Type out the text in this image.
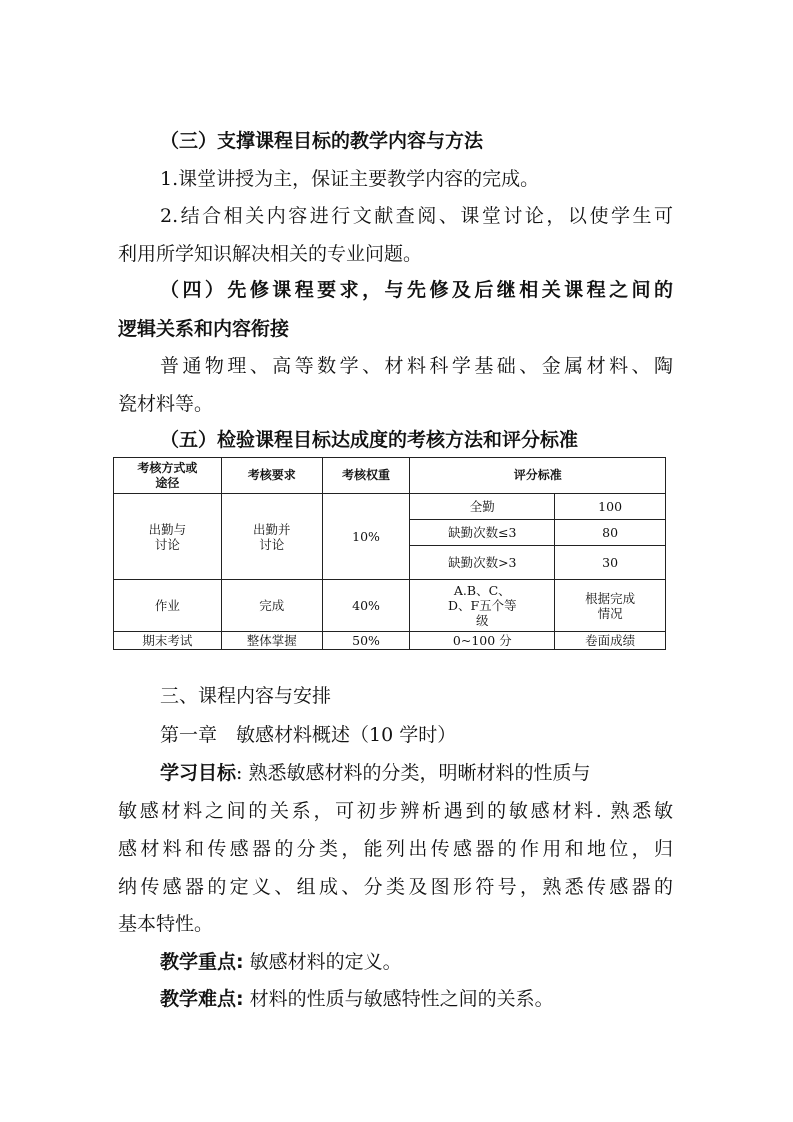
（三）支撑课程目标的教学内容与方法
1.课堂讲授为主，保证主要教学内容的完成。
2.结合相关内容进行文献查阅、课堂讨论，以使学生可
利用所学知识解决相关的专业问题。
（四）先修课程要求，与先修及后继相关课程之间的
逻辑关系和内容衔接
普通物理、高等数学、材料科学基础、金属材料、陶
瓷材料等。
（五）检验课程目标达成度的考核方法和评分标准
考核方式或途径	考核要求	考核权重	评分标准	
出勤与讨论	出勤并讨论	10%	全勤	100
			缺勤次数≤3	80
			缺勤次数>3	30
作业	完成	40%	A.B、C、D、F五个等级	根据完成情况
期末考试	整体掌握	50%	0~100 分	卷面成绩
三、课程内容与安排
第一章　敏感材料概述（10 学时）
学习目标: 熟悉敏感材料的分类，明晰材料的性质与
敏感材料之间的关系，可初步辨析遇到的敏感材料. 熟悉敏
感材料和传感器的分类，能列出传感器的作用和地位，归
纳传感器的定义、组成、分类及图形符号，熟悉传感器的
基本特性。
教学重点: 敏感材料的定义。
教学难点: 材料的性质与敏感特性之间的关系。
